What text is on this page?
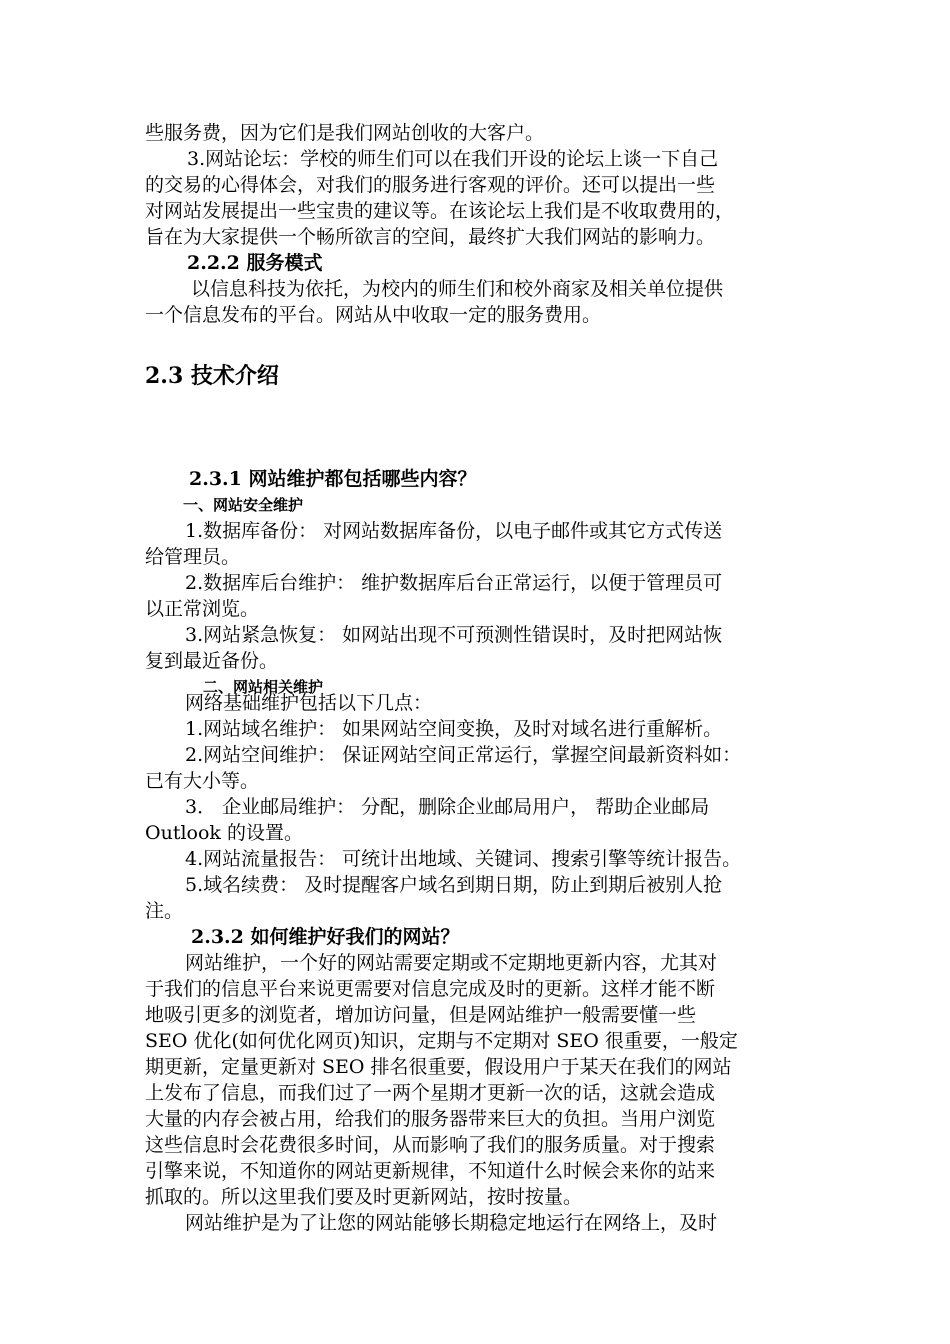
些服务费，因为它们是我们网站创收的大客户。
3.网站论坛：学校的师生们可以在我们开设的论坛上谈一下自己
的交易的心得体会，对我们的服务进行客观的评价。还可以提出一些
对网站发展提出一些宝贵的建议等。在该论坛上我们是不收取费用的，
旨在为大家提供一个畅所欲言的空间，最终扩大我们网站的影响力。
2.2.2 服务模式
以信息科技为依托，为校内的师生们和校外商家及相关单位提供
一个信息发布的平台。网站从中收取一定的服务费用。
2.3 技术介绍
2.3.1 网站维护都包括哪些内容？
一、网站安全维护
1.数据库备份： 对网站数据库备份，以电子邮件或其它方式传送
给管理员。
2.数据库后台维护： 维护数据库后台正常运行，以便于管理员可
以正常浏览。
3.网站紧急恢复： 如网站出现不可预测性错误时，及时把网站恢
复到最近备份。
二、网站相关维护
网络基础维护包括以下几点：
1.网站域名维护： 如果网站空间变换，及时对域名进行重解析。
2.网站空间维护： 保证网站空间正常运行，掌握空间最新资料如：
已有大小等。
3． 企业邮局维护： 分配，删除企业邮局用户， 帮助企业邮局
Outlook 的设置。
4.网站流量报告： 可统计出地域、关键词、搜索引擎等统计报告。
5.域名续费： 及时提醒客户域名到期日期，防止到期后被别人抢
注。
2.3.2 如何维护好我们的网站？
网站维护，一个好的网站需要定期或不定期地更新内容，尤其对
于我们的信息平台来说更需要对信息完成及时的更新。这样才能不断
地吸引更多的浏览者，增加访问量，但是网站维护一般需要懂一些
SEO 优化(如何优化网页)知识，定期与不定期对 SEO 很重要，一般定
期更新，定量更新对 SEO 排名很重要，假设用户于某天在我们的网站
上发布了信息，而我们过了一两个星期才更新一次的话，这就会造成
大量的内存会被占用，给我们的服务器带来巨大的负担。当用户浏览
这些信息时会花费很多时间，从而影响了我们的服务质量。对于搜索
引擎来说，不知道你的网站更新规律，不知道什么时候会来你的站来
抓取的。所以这里我们要及时更新网站，按时按量。
网站维护是为了让您的网站能够长期稳定地运行在网络上，及时
